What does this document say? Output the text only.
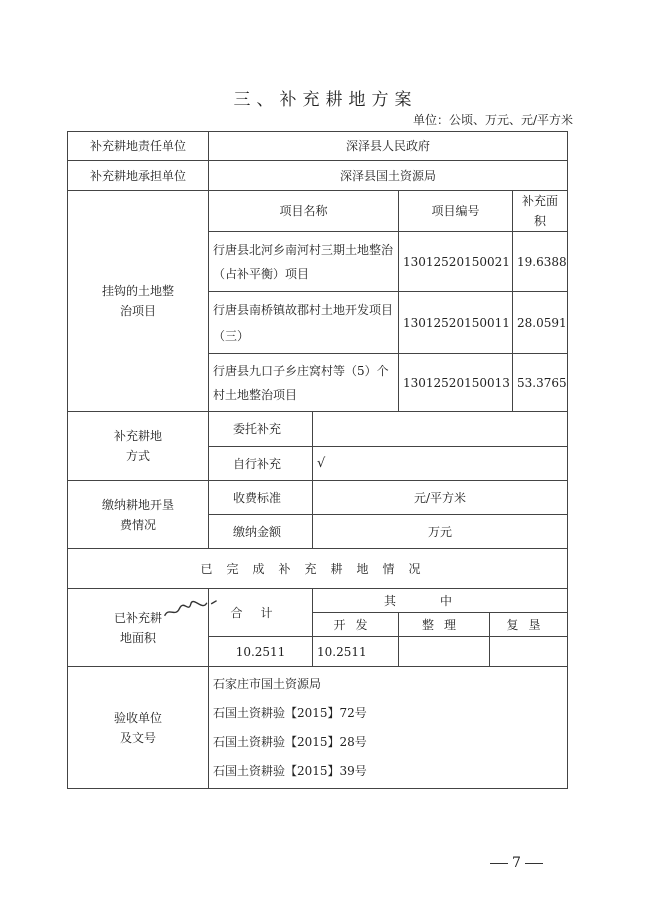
三、补充耕地方案
单位：公顷、万元、元/平方米
补充耕地责任单位	深泽县人民政府				
补充耕地承担单位	深泽县国土资源局				

挂钩的土地整治项目	项目名称		项目编号		补充面积
	行唐县北河乡南河村三期土地整治（占补平衡）项目		13012520150021		19.6388
	行唐县南桥镇故郡村土地开发项目（三）		13012520150011		28.0591
	行唐县九口子乡庄窝村等（5）个村土地整治项目		13012520150013		53.3765

补充耕地方式	委托补充				
	自行补充	√			

缴纳耕地开垦费情况	收费标准	元/平方米			
	缴纳金额	万元			
已完成补充耕地情况					

已补充耕地面积	合计	其中			
		开发	整理	复垦	
	10.2511	10.2511			

验收单位及文号	石家庄市国土资源局
石国土资耕验【2015】72号
石国土资耕验【2015】28号
石国土资耕验【2015】39号				
7
